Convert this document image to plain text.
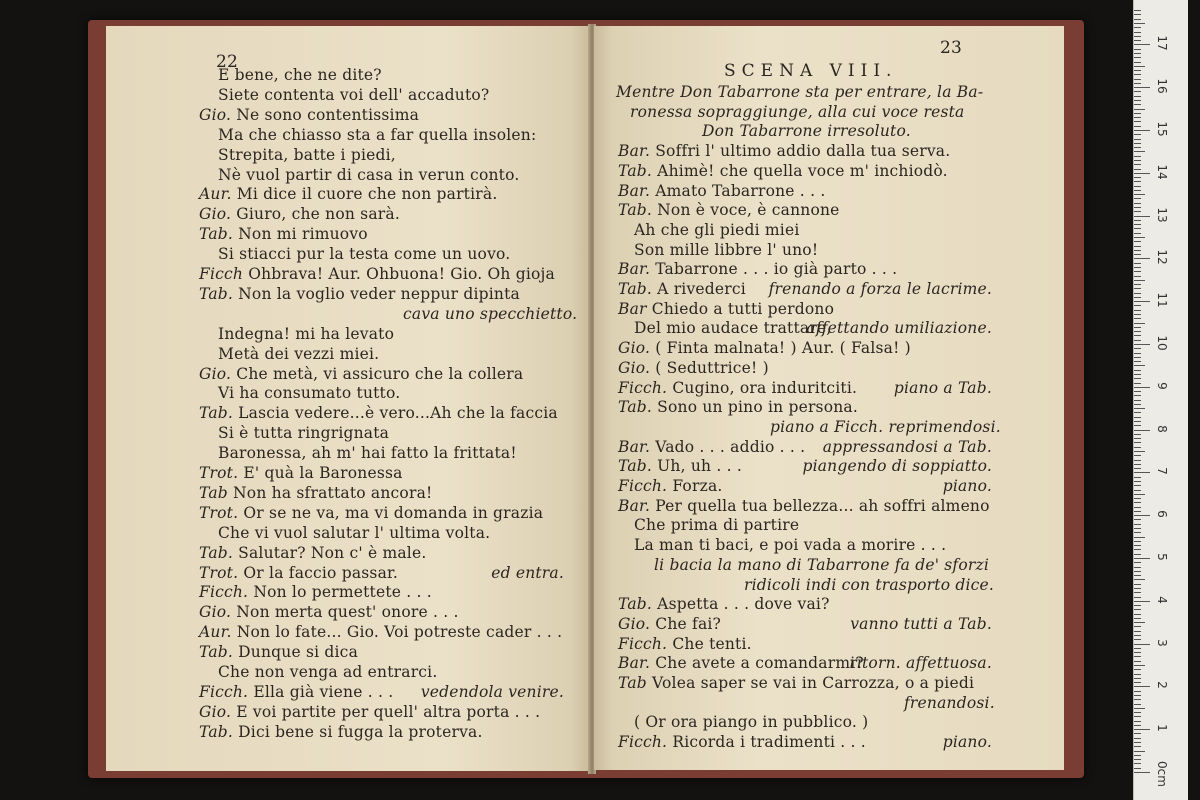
22
E bene, che ne dite?
Siete contenta voi dell' accaduto?
Gio. Ne sono contentissima
Ma che chiasso sta a far quella insolen:
Strepita, batte i piedi,
Nè vuol partir di casa in verun conto.
Aur. Mi dice il cuore che non partirà.
Gio. Giuro, che non sarà.
Tab. Non mi rimuovo
Si stiacci pur la testa come un uovo.
Ficch Ohbrava! Aur. Ohbuona! Gio. Oh gioja
Tab. Non la voglio veder neppur dipinta
cava uno specchietto.
Indegna! mi ha levato
Metà dei vezzi miei.
Gio. Che metà, vi assicuro che la collera
Vi ha consumato tutto.
Tab. Lascia vedere...è vero...Ah che la faccia
Si è tutta ringrignata
Baronessa, ah m' hai fatto la frittata!
Trot. E' quà la Baronessa
Tab Non ha sfrattato ancora!
Trot. Or se ne va, ma vi domanda in grazia
Che vi vuol salutar l' ultima volta.
Tab. Salutar? Non c' è male.
Trot. Or la faccio passar.	ed entra.
Ficch. Non lo permettete . . .
Gio. Non merta quest' onore . . .
Aur. Non lo fate... Gio. Voi potreste cader . . .
Tab. Dunque si dica
Che non venga ad entrarci.
Ficch. Ella già viene . . . vedendola venire.
Gio. E voi partite per quell' altra porta . . .
Tab. Dici bene si fugga la proterva.
23
SCENA VIII.
Mentre Don Tabarrone sta per entrare, la Ba-
ronessa sopraggiunge, alla cui voce resta
Don Tabarrone irresoluto.
Bar. Soffri l' ultimo addio dalla tua serva.
Tab. Ahimè! che quella voce m' inchiodò.
Bar. Amato Tabarrone . . .
Tab. Non è voce, è cannone
Ah che gli piedi miei
Son mille libbre l' uno!
Bar. Tabarrone . . . io già parto . . .
Tab. A rivederci frenando a forza le lacrime.
Bar Chiedo a tutti perdono
Del mio audace trattare,
affettando umiliazione.
Gio. ( Finta malnata! ) Aur. ( Falsa! )
Gio. ( Seduttrice! )
Ficch. Cugino, ora induritciti. piano a Tab.
Tab. Sono un pino in persona.
piano a Ficch. reprimendosi.
Bar. Vado . . . addio . . . appressandosi a Tab.
Tab. Uh, uh . . .	piangendo di soppiatto.
Ficch. Forza.	piano.
Bar. Per quella tua bellezza... ah soffri almeno
Che prima di partire
La man ti baci, e poi vada a morire . . .
li bacia la mano di Tabarrone fa de' sforzi
ridicoli indi con trasporto dice.
Tab. Aspetta . . . dove vai?
Gio. Che fai?	vanno tutti a Tab.
Ficch. Che tenti.
Bar. Che avete a comandarmi?
ritorn. affettuosa.
Tab Volea saper se vai in Carrozza, o a piedi
frenandosi.
( Or ora piango in pubblico. )
Ficch. Ricorda i tradimenti . . .	piano.
0cm
1
2
3
4
5
6
7
8
9
10
11
12
13
14
15
16
17
